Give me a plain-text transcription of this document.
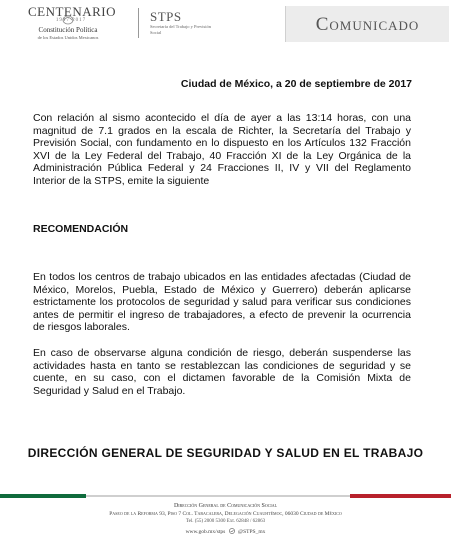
CENTENARIO
1917 2017
Constitución Política
de los Estados Unidos Mexicanos
STPS
Secretaría del Trabajo y Previsión Social	Comunicado
Ciudad de México, a 20 de septiembre de 2017

Con relación al sismo acontecido el día de ayer a las 13:14 horas, con una magnitud de 7.1 grados en la escala de Richter, la Secretaría del Trabajo y Previsión Social, con fundamento en lo dispuesto en los Artículos 132 Fracción XVI de la Ley Federal del Trabajo, 40 Fracción XI de la Ley Orgánica de la Administración Pública Federal y 24 Fracciones II, IV y VII del Reglamento Interior de la STPS, emite la siguiente

RECOMENDACIÓN

En todos los centros de trabajo ubicados en las entidades afectadas (Ciudad de México, Morelos, Puebla, Estado de México y Guerrero) deberán aplicarse estrictamente los protocolos de seguridad y salud para verificar sus condiciones antes de permitir el ingreso de trabajadores, a efecto de prevenir la ocurrencia de riesgos laborales.

En caso de observarse alguna condición de riesgo, deberán suspenderse las actividades hasta en tanto se restablezcan las condiciones de seguridad y se cuente, en su caso, con el dictamen favorable de la Comisión Mixta de Seguridad y Salud en el Trabajo.

DIRECCIÓN GENERAL DE SEGURIDAD Y SALUD EN EL TRABAJO
Dirección General de Comunicación Social
Paseo de la Reforma 93, Piso 7 Col. Tabacalera, Delegación Cuauhtémoc, 06030 Ciudad de México
Tel. (55) 2000 5300 Ext. 62848 / 62863
www.gob.mx/stps @STPS_mx
